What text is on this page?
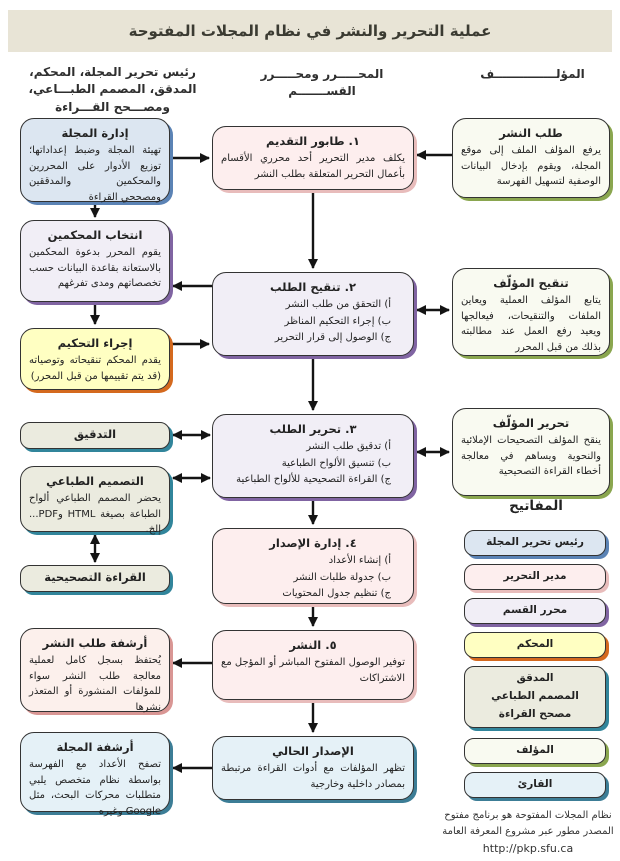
عملية التحرير والنشر في نظام المجلات المفتوحة
المؤلـــــــــــــــف
المحـــــرر ومحـــــرر القســـــــم
رئيس تحرير المجلة، المحكم، المدقق، المصمم الطبـــاعي، ومصـــحح القـــراءة
إدارة المجلة
تهيئة المجلة وضبط إعداداتها؛ توزيع الأدوار على المحررين والمحكمين والمدققين ومصححي القراءة
انتخاب المحكمين
يقوم المحرر بدعوة المحكمين بالاستعانة بقاعدة البيانات حسب تخصصاتهم ومدى تفرغهم
إجراء التحكيم
يقدم المحكم تنقيحاته وتوصياته (قد يتم تقييمها من قبل المحرر)
التدقيق
التصميم الطباعي
يحضر المصمم الطباعي ألواح الطباعة بصيغة HTML وPDF... إلخ.
القراءة التصحيحية
أرشفة طلب النشر
يُحتفظ بسجل كامل لعملية معالجة طلب النشر سواء للمؤلفات المنشورة أو المتعذر نشرها
أرشفة المجلة
تصفح الأعداد مع الفهرسة بواسطة نظام متخصص يلبي متطلبات محركات البحث، مثل Google وغيره
١. طابور التقديم
يكلف مدير التحرير أحد محرري الأقسام بأعمال التحرير المتعلقة بطلب النشر
٢. تنقيح الطلب
أ) التحقق من طلب النشر
ب) إجراء التحكيم المناظر
ج) الوصول إلى قرار التحرير
٣. تحرير الطلب
أ) تدقيق طلب النشر
ب) تنسيق الألواح الطباعية
ج) القراءة التصحيحية للألواح الطباعية
٤. إدارة الإصدار
أ) إنشاء الأعداد
ب) جدولة طلبات النشر
ج) تنظيم جدول المحتويات
٥. النشر
توفير الوصول المفتوح المباشر أو المؤجل مع الاشتراكات
الإصدار الحالي
تظهر المؤلفات مع أدوات القراءة مرتبطة بمصادر داخلية وخارجية
طلب النشر
يرفع المؤلف الملف إلى موقع المجلة، ويقوم بإدخال البيانات الوصفية لتسهيل الفهرسة
تنقيح المؤلّف
يتابع المؤلف العملية ويعاين الملفات والتنقيحات، فيعالجها ويعيد رفع العمل عند مطالبته بذلك من قبل المحرر
تحرير المؤلّف
ينقح المؤلف التصحيحات الإملائية والنحوية ويساهم في معالجة أخطاء القراءة التصحيحية
المفاتيح
رئيس تحرير المجلة
مدير التحرير
محرر القسم
المحكم
المدقق
المصمم الطباعي
مصحح القراءة
المؤلف
القارئ
نظام المجلات المفتوحة هو برنامج مفتوح
المصدر مطور عبر مشروع المعرفة العامة
http://pkp.sfu.ca
